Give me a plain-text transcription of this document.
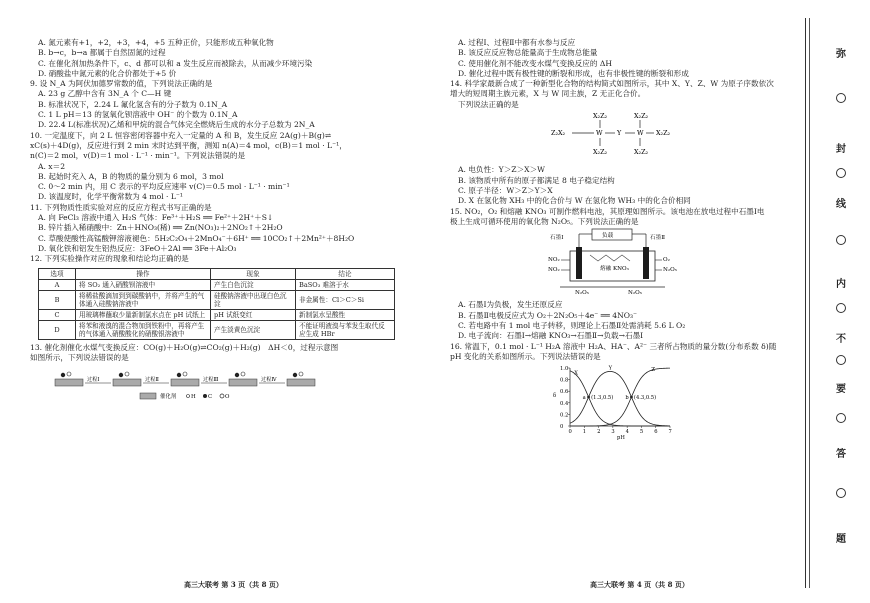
A. 氮元素有+1，+2，+3，+4，+5 五种正价，只能形成五种氧化物
B. b→c，b→a 都属于自然固氮的过程
C. 在催化剂加热条件下，c、d 都可以和 a 发生反应而被除去，从而减少环境污染
D. 硝酸盐中氮元素的化合价都处于+5 价
9. 设 N_A 为阿伏加德罗常数的值，下列说法正确的是
A. 23 g 乙醇中含有 3N_A 个 C—H 键
B. 标准状况下，2.24 L 氟化氢含有的分子数为 0.1N_A
C. 1 L pH＝13 的氢氧化钡溶液中 OH⁻ 的个数为 0.1N_A
D. 22.4 L(标准状况)乙烯和甲烷的混合气体完全燃烧后生成的水分子总数为 2N_A
10. 一定温度下，向 2 L 恒容密闭容器中充入一定量的 A 和 B，发生反应 2A(g)＋B(g)⇌
xC(s)＋4D(g)，反应进行到 2 min 末时达到平衡，测知 n(A)＝4 mol，c(B)＝1 mol · L⁻¹，
n(C)＝2 mol，v(D)＝1 mol · L⁻¹ · min⁻¹。下列说法错误的是
A. x＝2
B. 起始时充入 A，B 的物质的量分别为 6 mol，3 mol
C. 0～2 min 内，用 C 表示的平均反应速率 v(C)＝0.5 mol · L⁻¹ · min⁻¹
D. 该温度时，化学平衡常数为 4 mol · L⁻¹
11. 下列物质性质实验对应的反应方程式书写正确的是
A. 向 FeCl₃ 溶液中通入 H₂S 气体：Fe³⁺＋H₂S ══ Fe²⁺＋2H⁺＋S↓
B. 锌片插入稀硝酸中：Zn＋HNO₃(稀) ══ Zn(NO₃)₂＋2NO₂↑＋2H₂O
C. 草酸使酸性高锰酸钾溶液褪色：5H₂C₂O₄＋2MnO₄⁻＋6H⁺ ══ 10CO₂↑＋2Mn²⁺＋8H₂O
D. 氧化铁和铝发生铝热反应：3FeO＋2Al ══ 3Fe＋Al₂O₃
12. 下列实验操作对应的现象和结论均正确的是
选项	操作	现象	结论
A	将 SO₂ 通入硝酸钡溶液中	产生白色沉淀	BaSO₃ 难溶于水
B	将稀盐酸滴加到到碳酸钠中，并将产生的气体通入硅酸钠溶液中	硅酸钠溶液中出现白色沉淀	非金属性：Cl＞C＞Si
C	用玻璃棒蘸取少量新制氯水点在 pH 试纸上	pH 试纸变红	新制氯水呈酸性
D	将苯和液溴的混合物加到铁粉中，再将产生的气体通入硝酸酸化的硝酸银溶液中	产生淡黄色沉淀	不能证明液溴与苯发生取代反应生成 HBr
13. 催化剂催化水煤气变换反应：CO(g)＋H₂O(g)⇌CO₂(g)＋H₂(g)　ΔH＜0，过程示意图
如图所示，下列说法错误的是
过程Ⅰ	过程Ⅱ	过程Ⅲ	过程Ⅳ
催化剂	H C O
A. 过程Ⅰ、过程Ⅱ中都有水参与反应
B. 该反应反应物总能量高于生成物总能量
C. 使用催化剂不能改变水煤气变换反应的 ΔH
D. 催化过程中既有极性键的断裂和形成，也有非极性键的断裂和形成
14. 科学家最新合成了一种新型化合物的结构简式如图所示，其中 X、Y、Z、W 为原子序数依次
增大的短周期主族元素，X 与 W 同主族，Z 无正化合价。
下列说法正确的是
X₂Z₂
Z₂X₂	W Y W X₂Z₂
X₂Z₂
X₂Z₂
X₂Z₂
A. 电负性：Y＞Z＞X＞W
B. 该物质中所有的原子都满足 8 电子稳定结构
C. 原子半径：W＞Z＞Y＞X
D. X 在氢化物 XH₃ 中的化合价与 W 在氢化物 WH₃ 中的化合价相同
15. NO₂，O₂ 和熔融 KNO₃ 可制作燃料电池，其原理如图所示。该电池在放电过程中石墨Ⅰ电
极上生成可循环使用的氧化物 N₂O₅。下列说法正确的是
负载
石墨Ⅰ	石墨Ⅱ
熔融 KNO₃
NO₂
NO₂
O₂
N₂O₅
N₂O₅	N₂O₅
A. 石墨Ⅰ为负极，发生还原反应
B. 石墨Ⅱ电极反应式为 O₂＋2N₂O₅＋4e⁻ ══ 4NO₃⁻
C. 若电路中有 1 mol 电子转移，则理论上石墨Ⅱ处需消耗 5.6 L O₂
D. 电子流向：石墨Ⅰ→熔融 KNO₃→石墨Ⅱ→负载→石墨Ⅰ
16. 常温下，0.1 mol · L⁻¹ H₂A 溶液中 H₂A、HA⁻、A²⁻ 三者所占物质的量分数(分布系数 δ)随
pH 变化的关系如图所示。下列说法错误的是
0 1 2 3 4 5 6 7
0
0.2
0.4
0.6
0.8
1.0
pH
δ
X
Y	Z
a (1.3,0.5) b (4.3,0.5)
高三大联考 第 3 页（共 8 页）	高三大联考 第 4 页（共 8 页）
弥
封
线
内
不
要
答
题
